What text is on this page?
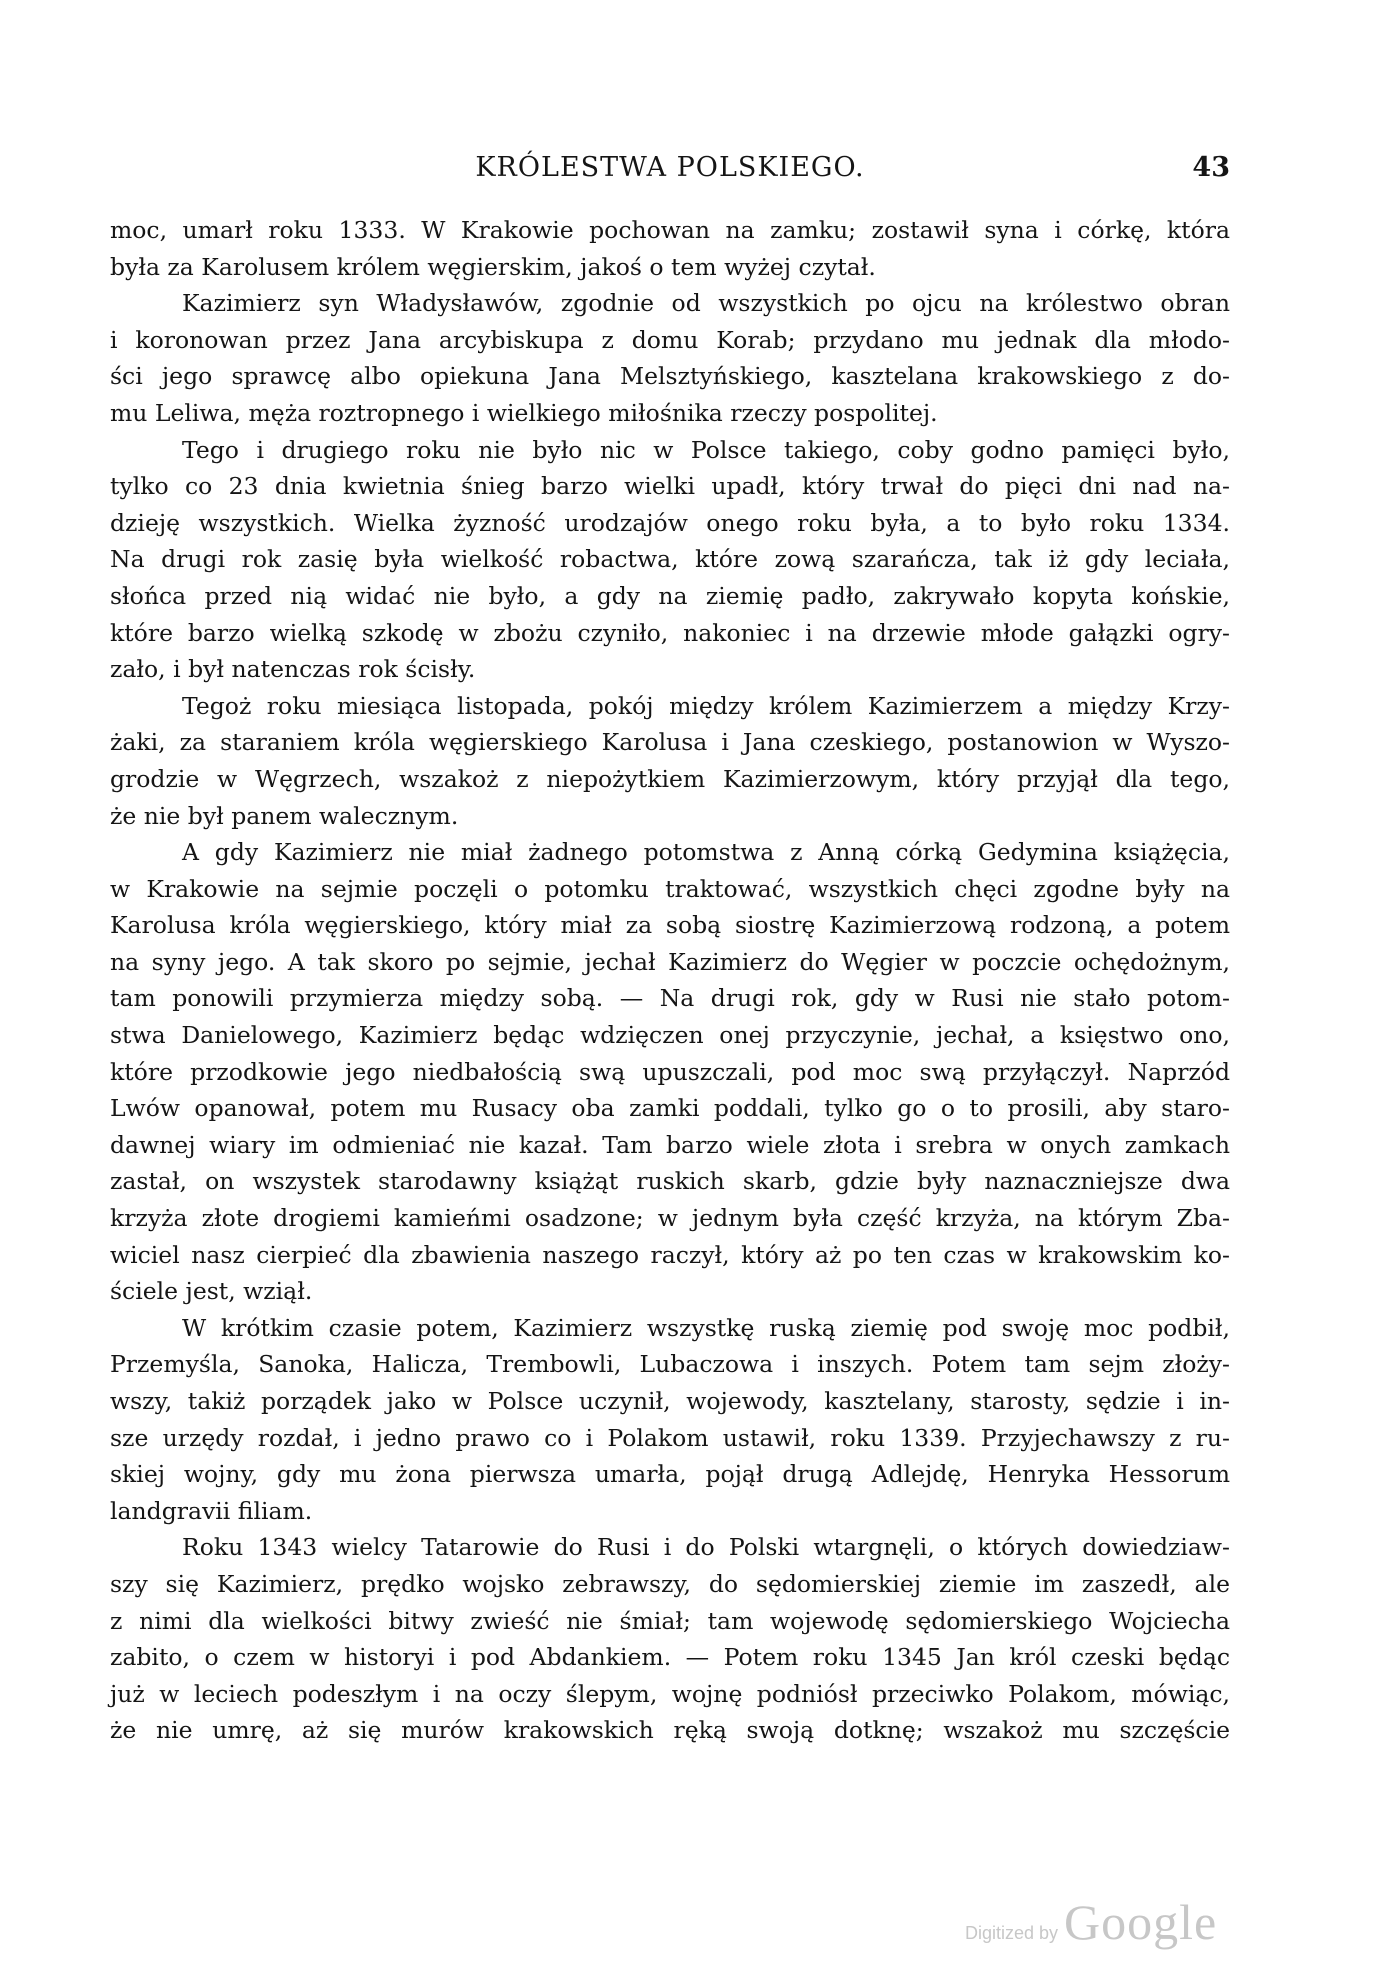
KRÓLESTWA POLSKIEGO.	43
moc, umarł roku 1333. W Krakowie pochowan na zamku; zostawił syna i córkę, która
była za Karolusem królem węgierskim, jakoś o tem wyżej czytał.
Kazimierz syn Władysławów, zgodnie od wszystkich po ojcu na królestwo obran
i koronowan przez Jana arcybiskupa z domu Korab; przydano mu jednak dla młodo-
ści jego sprawcę albo opiekuna Jana Melsztyńskiego, kasztelana krakowskiego z do-
mu Leliwa, męża roztropnego i wielkiego miłośnika rzeczy pospolitej.
Tego i drugiego roku nie było nic w Polsce takiego, coby godno pamięci było,
tylko co 23 dnia kwietnia śnieg barzo wielki upadł, który trwał do pięci dni nad na-
dzieję wszystkich. Wielka żyzność urodzajów onego roku była, a to było roku 1334.
Na drugi rok zasię była wielkość robactwa, które zową szarańcza, tak iż gdy leciała,
słońca przed nią widać nie było, a gdy na ziemię padło, zakrywało kopyta końskie,
które barzo wielką szkodę w zbożu czyniło, nakoniec i na drzewie młode gałązki ogry-
zało, i był natenczas rok ścisły.
Tegoż roku miesiąca listopada, pokój między królem Kazimierzem a między Krzy-
żaki, za staraniem króla węgierskiego Karolusa i Jana czeskiego, postanowion w Wyszo-
grodzie w Węgrzech, wszakoż z niepożytkiem Kazimierzowym, który przyjął dla tego,
że nie był panem walecznym.
A gdy Kazimierz nie miał żadnego potomstwa z Anną córką Gedymina książęcia,
w Krakowie na sejmie poczęli o potomku traktować, wszystkich chęci zgodne były na
Karolusa króla węgierskiego, który miał za sobą siostrę Kazimierzową rodzoną, a potem
na syny jego. A tak skoro po sejmie, jechał Kazimierz do Węgier w poczcie ochędożnym,
tam ponowili przymierza między sobą. — Na drugi rok, gdy w Rusi nie stało potom-
stwa Danielowego, Kazimierz będąc wdzięczen onej przyczynie, jechał, a księstwo ono,
które przodkowie jego niedbałością swą upuszczali, pod moc swą przyłączył. Naprzód
Lwów opanował, potem mu Rusacy oba zamki poddali, tylko go o to prosili, aby staro-
dawnej wiary im odmieniać nie kazał. Tam barzo wiele złota i srebra w onych zamkach
zastał, on wszystek starodawny książąt ruskich skarb, gdzie były naznaczniejsze dwa
krzyża złote drogiemi kamieńmi osadzone; w jednym była część krzyża, na którym Zba-
wiciel nasz cierpieć dla zbawienia naszego raczył, który aż po ten czas w krakowskim ko-
ściele jest, wziął.
W krótkim czasie potem, Kazimierz wszystkę ruską ziemię pod swoję moc podbił,
Przemyśla, Sanoka, Halicza, Trembowli, Lubaczowa i inszych. Potem tam sejm złoży-
wszy, takiż porządek jako w Polsce uczynił, wojewody, kasztelany, starosty, sędzie i in-
sze urzędy rozdał, i jedno prawo co i Polakom ustawił, roku 1339. Przyjechawszy z ru-
skiej wojny, gdy mu żona pierwsza umarła, pojął drugą Adlejdę, Henryka Hessorum
landgravii filiam.
Roku 1343 wielcy Tatarowie do Rusi i do Polski wtargnęli, o których dowiedziaw-
szy się Kazimierz, prędko wojsko zebrawszy, do sędomierskiej ziemie im zaszedł, ale
z nimi dla wielkości bitwy zwieść nie śmiał; tam wojewodę sędomierskiego Wojciecha
zabito, o czem w historyi i pod Abdankiem. — Potem roku 1345 Jan król czeski będąc
już w leciech podeszłym i na oczy ślepym, wojnę podniósł przeciwko Polakom, mówiąc,
że nie umrę, aż się murów krakowskich ręką swoją dotknę; wszakoż mu szczęście
Digitized by Google
